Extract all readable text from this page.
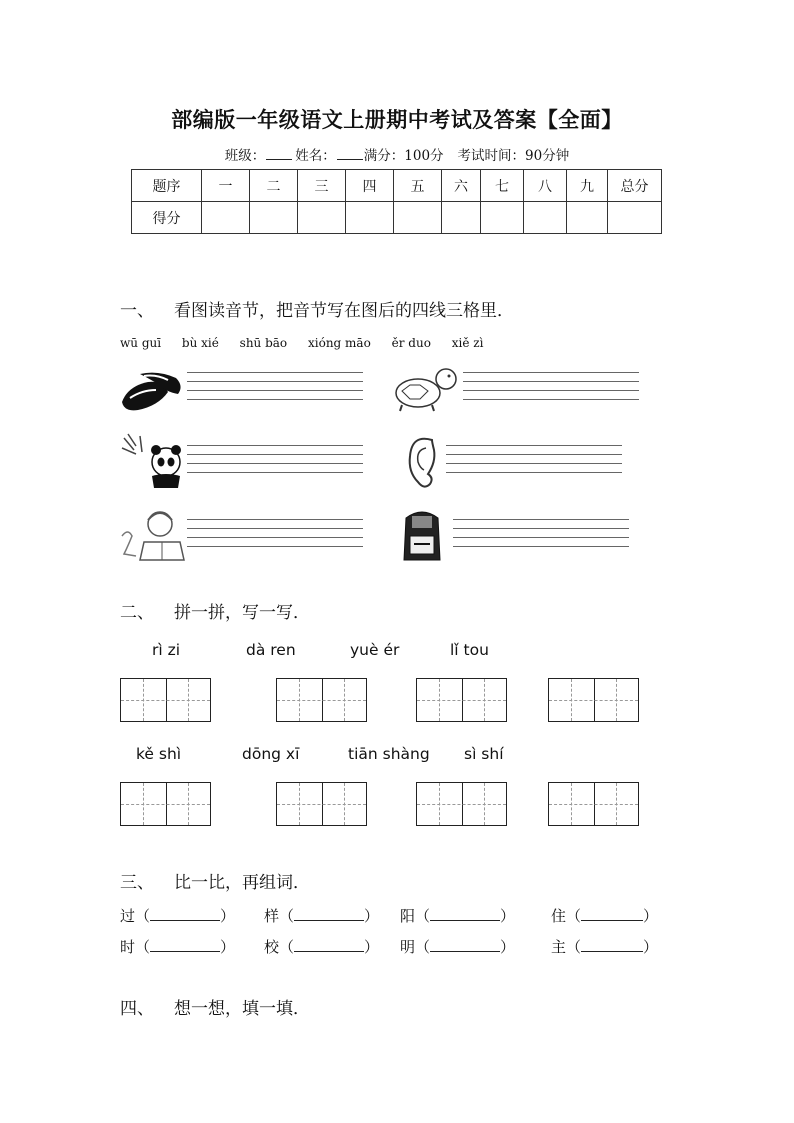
部编版一年级语文上册期中考试及答案【全面】
班级： 姓名： 满分：100分 考试时间：90分钟
题序	一	二	三	四	五	六	七	八	九	总分
得分										
一、 看图读音节，把音节写在图后的四线三格里．
wū guī bù xié shū bāo xióng māo ěr duo xiě zì
二、 拼一拼，写一写．
rì zi	dà ren	yuè ér	lǐ tou
kě shì	dōng xī	tiān shàng sì shí
三、 比一比，再组词．
过（	） 样（	） 阳（	） 住（	）
时（	） 校（	） 明（	） 主（	）
四、 想一想，填一填．
